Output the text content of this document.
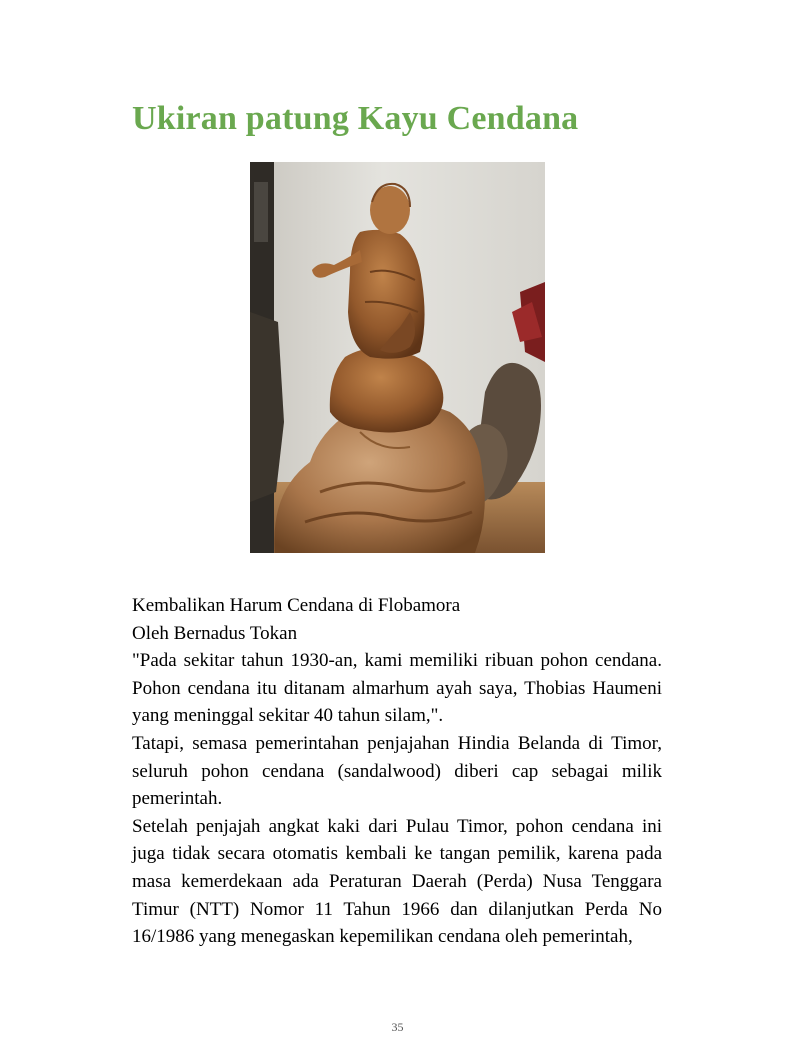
Ukiran patung Kayu Cendana

Kembalikan Harum Cendana di Flobamora

Oleh Bernadus Tokan

"Pada sekitar tahun 1930-an, kami memiliki ribuan pohon cendana. Pohon cendana itu ditanam almarhum ayah saya, Thobias Haumeni yang meninggal sekitar 40 tahun silam,".

Tatapi, semasa pemerintahan penjajahan Hindia Belanda di Timor, seluruh pohon cendana (sandalwood) diberi cap sebagai milik pemerintah.

Setelah penjajah angkat kaki dari Pulau Timor, pohon cendana ini juga tidak secara otomatis kembali ke tangan pemilik, karena pada masa kemerdekaan ada Peraturan Daerah (Perda) Nusa Tenggara Timur (NTT) Nomor 11 Tahun 1966 dan dilanjutkan Perda No 16/1986 yang menegaskan kepemilikan cendana oleh pemerintah,

35
